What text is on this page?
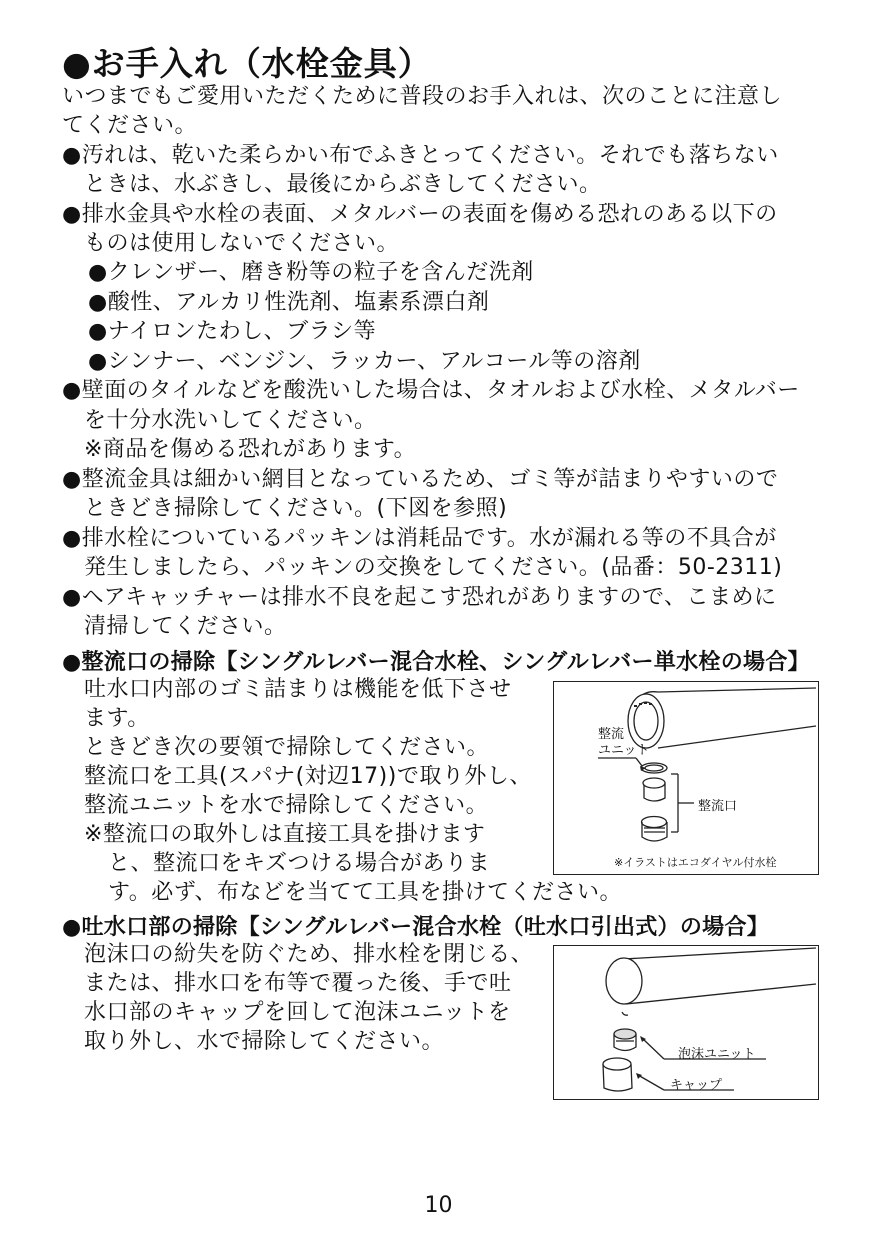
●お手入れ（水栓金具）
いつまでもご愛用いただくために普段のお手入れは、次のことに注意し
てください。
●汚れは、乾いた柔らかい布でふきとってください。それでも落ちない
ときは、水ぶきし、最後にからぶきしてください。
●排水金具や水栓の表面、メタルバーの表面を傷める恐れのある以下の
ものは使用しないでください。
●クレンザー、磨き粉等の粒子を含んだ洗剤
●酸性、アルカリ性洗剤、塩素系漂白剤
●ナイロンたわし、ブラシ等
●シンナー、ベンジン、ラッカー、アルコール等の溶剤
●壁面のタイルなどを酸洗いした場合は、タオルおよび水栓、メタルバー
を十分水洗いしてください。
※商品を傷める恐れがあります。
●整流金具は細かい網目となっているため、ゴミ等が詰まりやすいので
ときどき掃除してください。(下図を参照)
●排水栓についているパッキンは消耗品です。水が漏れる等の不具合が
発生しましたら、パッキンの交換をしてください。(品番：50-2311)
●ヘアキャッチャーは排水不良を起こす恐れがありますので、こまめに
清掃してください。
●整流口の掃除【シングルレバー混合水栓、シングルレバー単水栓の場合】
吐水口内部のゴミ詰まりは機能を低下させ
ます。
ときどき次の要領で掃除してください。
整流口を工具(スパナ(対辺17))で取り外し、
整流ユニットを水で掃除してください。
※整流口の取外しは直接工具を掛けます
と、整流口をキズつける場合がありま
す。必ず、布などを当てて工具を掛けてください。
整流
ユニット
整流口
※イラストはエコダイヤル付水栓
●吐水口部の掃除【シングルレバー混合水栓（吐水口引出式）の場合】
泡沫口の紛失を防ぐため、排水栓を閉じる、
または、排水口を布等で覆った後、手で吐
水口部のキャップを回して泡沫ユニットを
取り外し、水で掃除してください。
泡沫ユニット
キャップ
10
